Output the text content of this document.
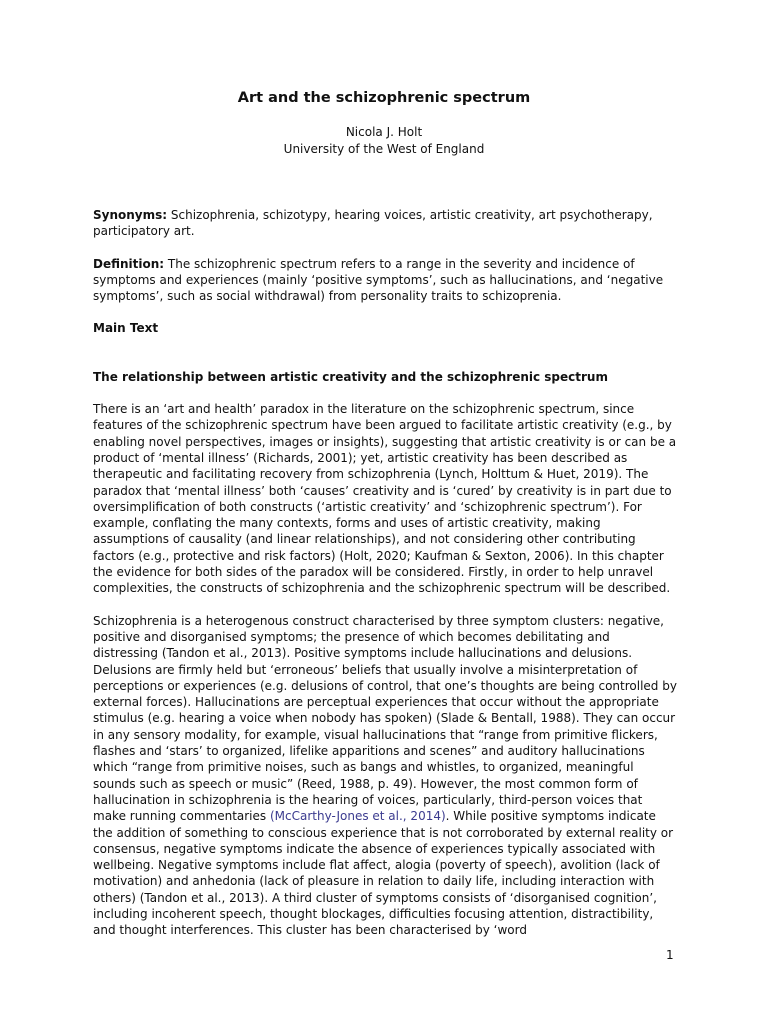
Art and the schizophrenic spectrum
Nicola J. Holt
University of the West of England

Synonyms: Schizophrenia, schizotypy, hearing voices, artistic creativity, art psychotherapy, participatory art.

Definition: The schizophrenic spectrum refers to a range in the severity and incidence of symptoms and experiences (mainly ‘positive symptoms’, such as hallucinations, and ‘negative symptoms’, such as social withdrawal) from personality traits to schizoprenia.

Main Text

The relationship between artistic creativity and the schizophrenic spectrum

There is an ‘art and health’ paradox in the literature on the schizophrenic spectrum, since features of the schizophrenic spectrum have been argued to facilitate artistic creativity (e.g., by enabling novel perspectives, images or insights), suggesting that artistic creativity is or can be a product of ‘mental illness’ (Richards, 2001); yet, artistic creativity has been described as therapeutic and facilitating recovery from schizophrenia (Lynch, Holttum & Huet, 2019). The paradox that ‘mental illness’ both ‘causes’ creativity and is ‘cured’ by creativity is in part due to oversimplification of both constructs (‘artistic creativity’ and ‘schizophrenic spectrum’). For example, conflating the many contexts, forms and uses of artistic creativity, making assumptions of causality (and linear relationships), and not considering other contributing factors (e.g., protective and risk factors) (Holt, 2020; Kaufman & Sexton, 2006). In this chapter the evidence for both sides of the paradox will be considered. Firstly, in order to help unravel complexities, the constructs of schizophrenia and the schizophrenic spectrum will be described.

Schizophrenia is a heterogenous construct characterised by three symptom clusters: negative, positive and disorganised symptoms; the presence of which becomes debilitating and distressing (Tandon et al., 2013). Positive symptoms include hallucinations and delusions. Delusions are firmly held but ‘erroneous’ beliefs that usually involve a misinterpretation of perceptions or experiences (e.g. delusions of control, that one’s thoughts are being controlled by external forces). Hallucinations are perceptual experiences that occur without the appropriate stimulus (e.g. hearing a voice when nobody has spoken) (Slade & Bentall, 1988). They can occur in any sensory modality, for example, visual hallucinations that “range from primitive flickers, flashes and ‘stars’ to organized, lifelike apparitions and scenes” and auditory hallucinations which “range from primitive noises, such as bangs and whistles, to organized, meaningful sounds such as speech or music” (Reed, 1988, p. 49). However, the most common form of hallucination in schizophrenia is the hearing of voices, particularly, third-person voices that make running commentaries (McCarthy-Jones et al., 2014). While positive symptoms indicate the addition of something to conscious experience that is not corroborated by external reality or consensus, negative symptoms indicate the absence of experiences typically associated with wellbeing. Negative symptoms include flat affect, alogia (poverty of speech), avolition (lack of motivation) and anhedonia (lack of pleasure in relation to daily life, including interaction with others) (Tandon et al., 2013). A third cluster of symptoms consists of ‘disorganised cognition’, including incoherent speech, thought blockages, difficulties focusing attention, distractibility, and thought interferences. This cluster has been characterised by ‘word

1
